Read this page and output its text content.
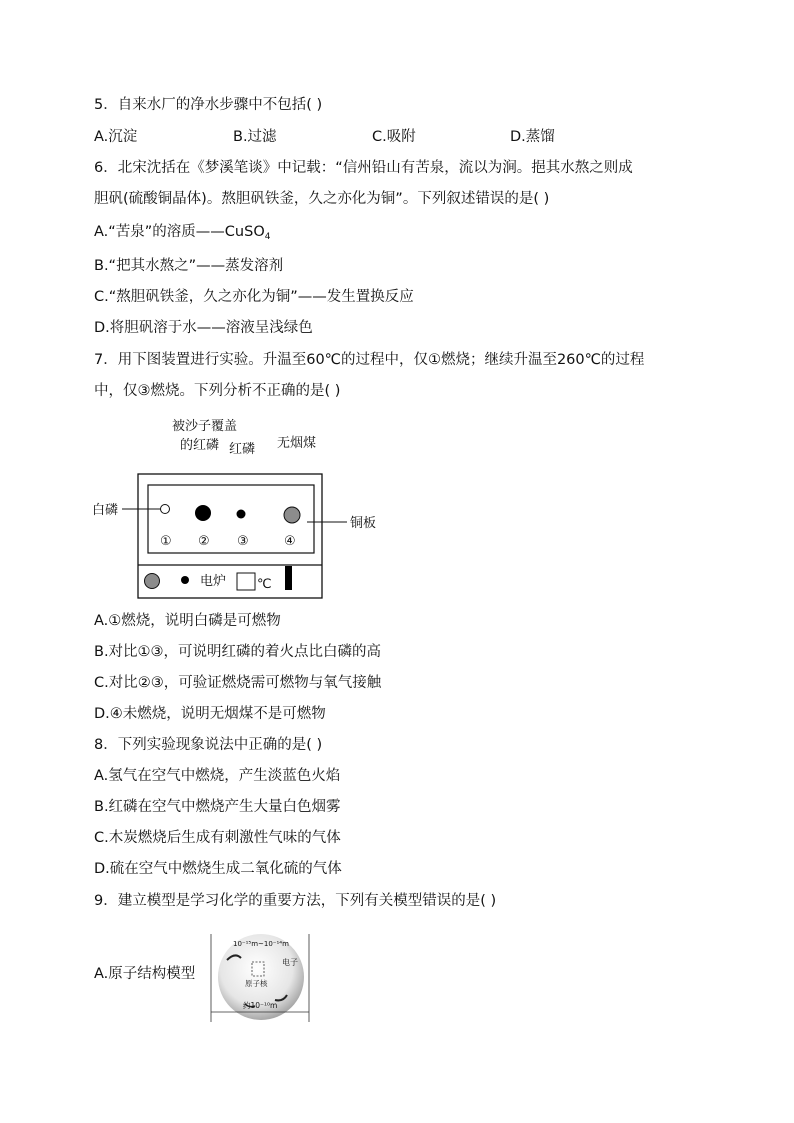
5．自来水厂的净水步骤中不包括( )
A.沉淀	B.过滤	C.吸附	D.蒸馏
6．北宋沈括在《梦溪笔谈》中记载：“信州铅山有苦泉，流以为涧。挹其水熬之则成
胆矾(硫酸铜晶体)。熬胆矾铁釜，久之亦化为铜”。下列叙述错误的是( )
A.“苦泉”的溶质——CuSO$_4$
B.“把其水熬之”——蒸发溶剂
C.“熬胆矾铁釜，久之亦化为铜”——发生置换反应
D.将胆矾溶于水——溶液呈浅绿色
7．用下图装置进行实验。升温至60℃的过程中，仅①燃烧；继续升温至260℃的过程
中，仅③燃烧。下列分析不正确的是( )
被沙子覆盖
的红磷 红磷 无烟煤
白磷
铜板
① ② ③	④
电炉 ℃
A.①燃烧，说明白磷是可燃物
B.对比①③，可说明红磷的着火点比白磷的高
C.对比②③，可验证燃烧需可燃物与氧气接触
D.④未燃烧，说明无烟煤不是可燃物
8．下列实验现象说法中正确的是( )
A.氢气在空气中燃烧，产生淡蓝色火焰
B.红磷在空气中燃烧产生大量白色烟雾
C.木炭燃烧后生成有刺激性气味的气体
D.硫在空气中燃烧生成二氧化硫的气体
9．建立模型是学习化学的重要方法，下列有关模型错误的是( )
A.原子结构模型
10⁻¹⁵m~10⁻¹⁴m
原子核
约10⁻¹⁰m
电子
